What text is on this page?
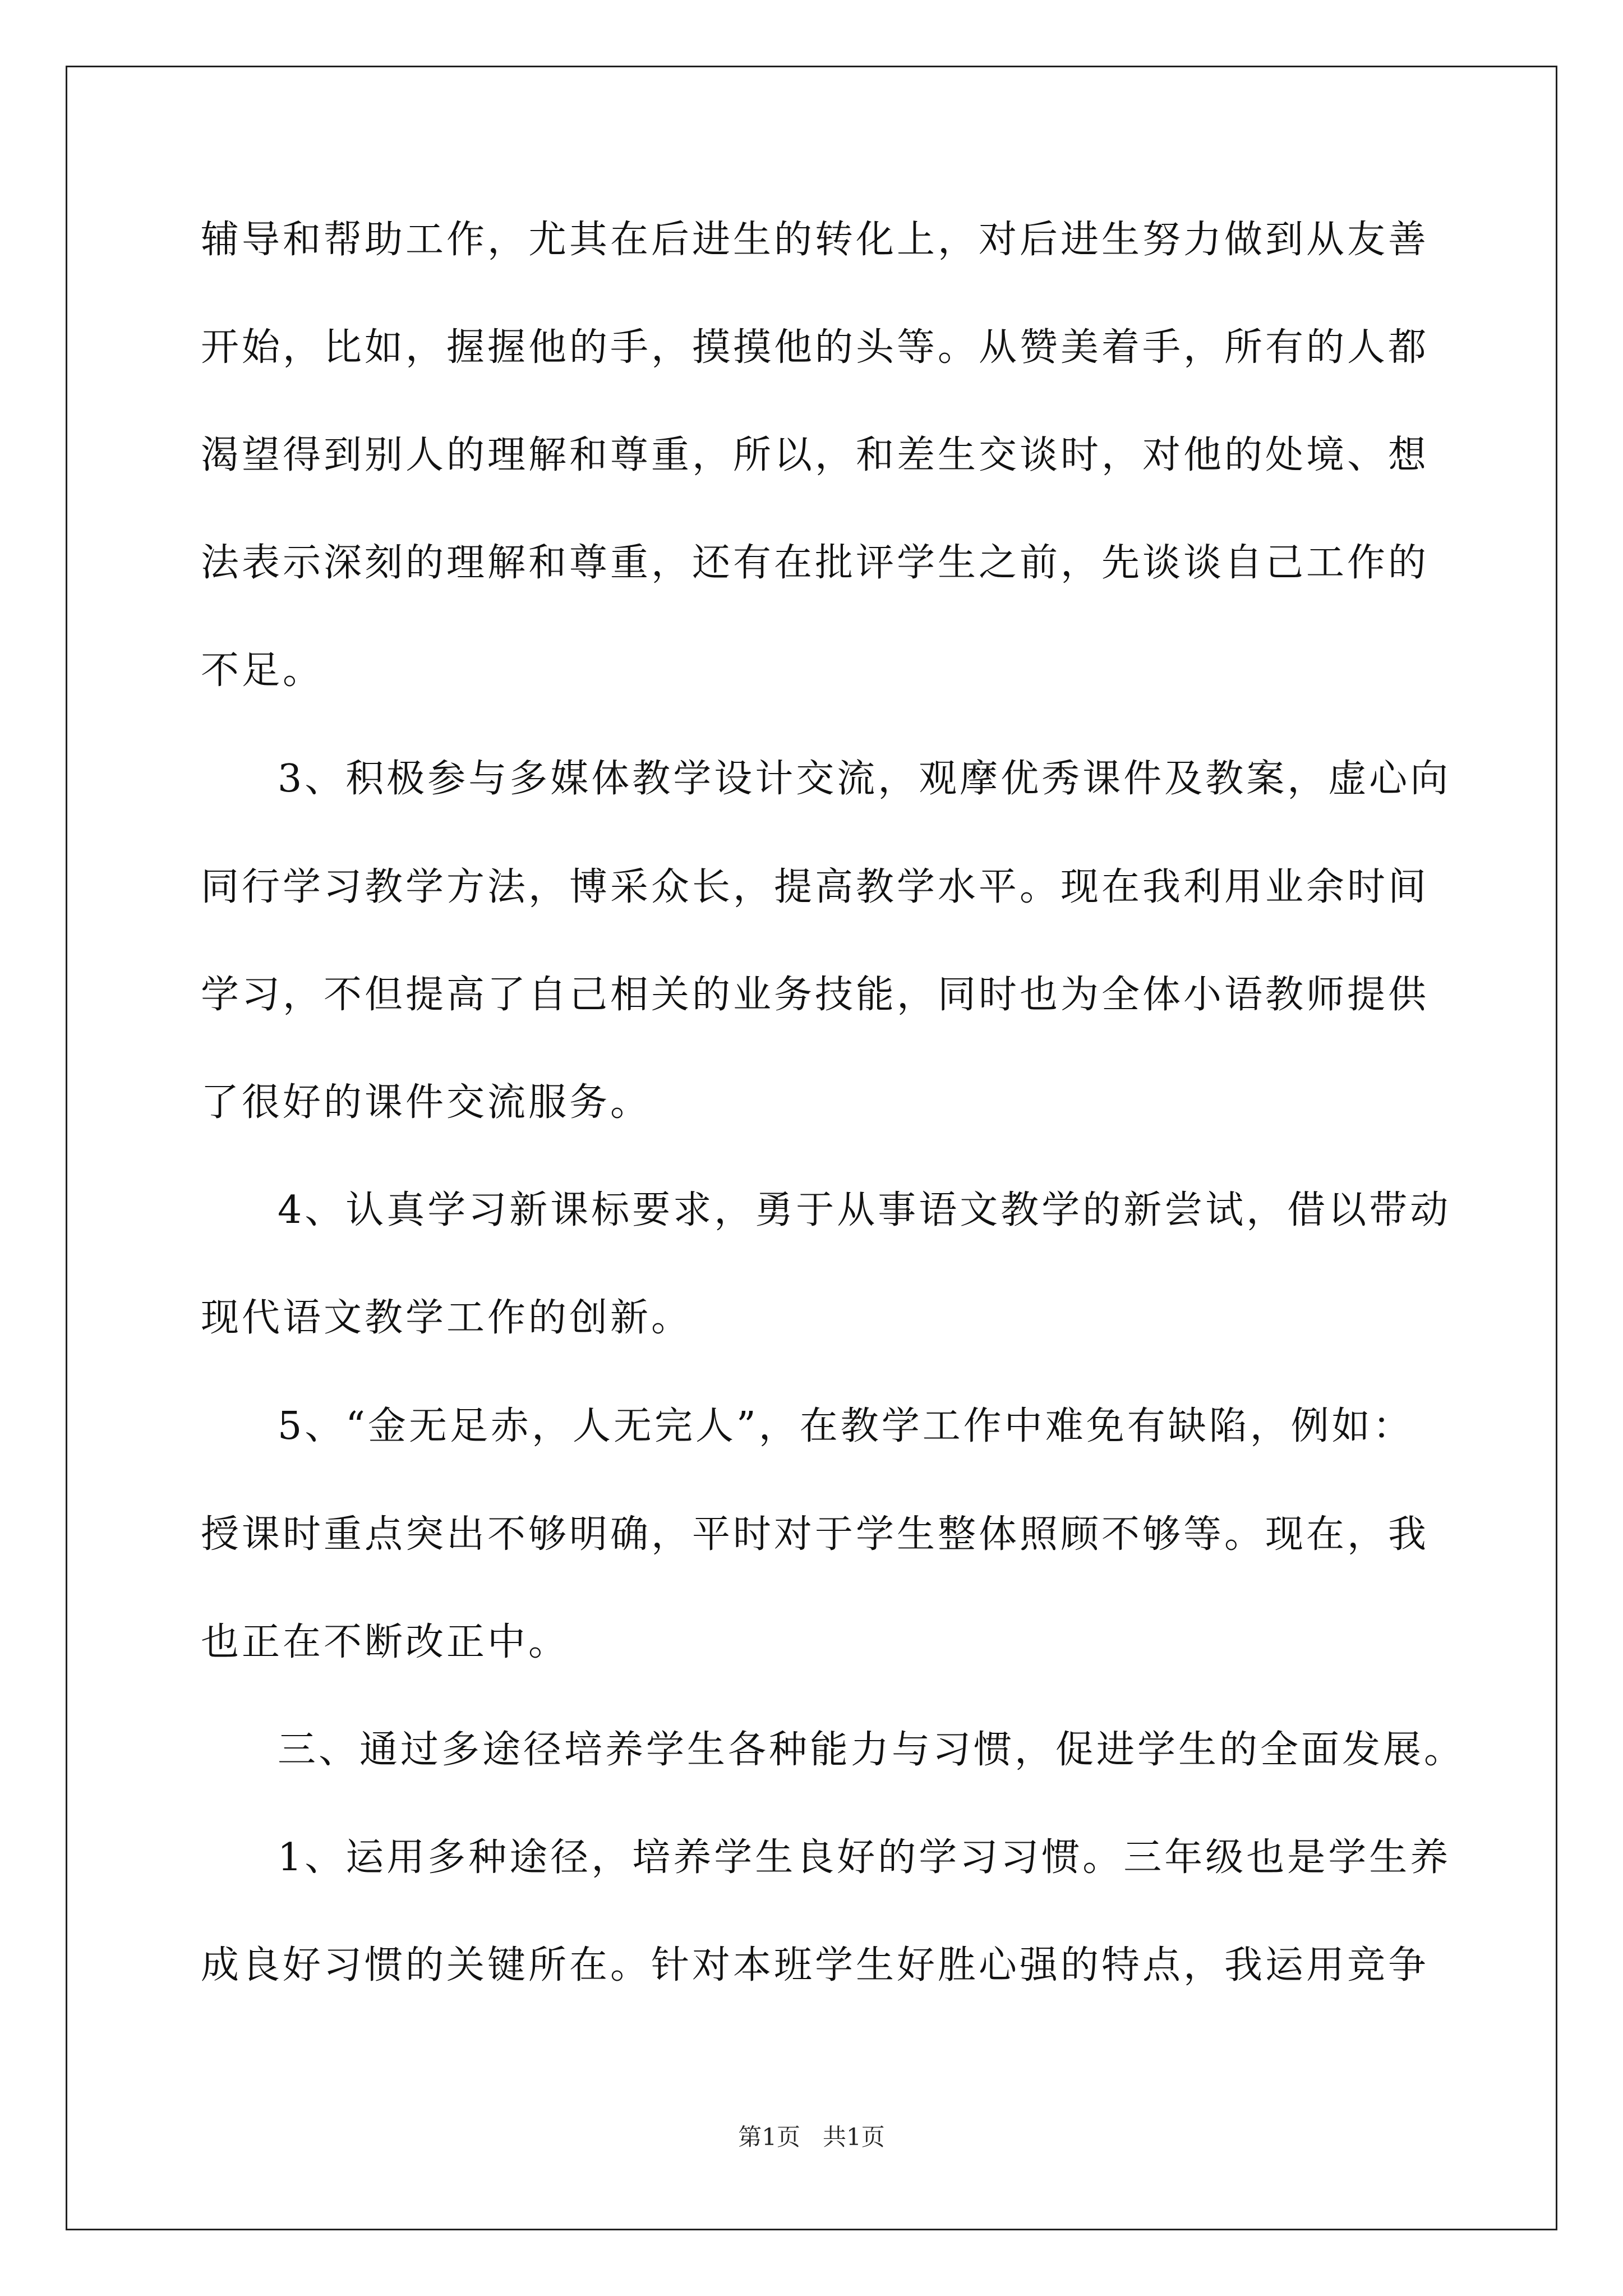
辅导和帮助工作，尤其在后进生的转化上，对后进生努力做到从友善
开始，比如，握握他的手，摸摸他的头等。从赞美着手，所有的人都
渴望得到别人的理解和尊重，所以，和差生交谈时，对他的处境、想
法表示深刻的理解和尊重，还有在批评学生之前，先谈谈自己工作的
不足。
3、积极参与多媒体教学设计交流，观摩优秀课件及教案，虚心向
同行学习教学方法，博采众长，提高教学水平。现在我利用业余时间
学习，不但提高了自己相关的业务技能，同时也为全体小语教师提供
了很好的课件交流服务。
4、认真学习新课标要求，勇于从事语文教学的新尝试，借以带动
现代语文教学工作的创新。
5、“金无足赤，人无完人”，在教学工作中难免有缺陷，例如：
授课时重点突出不够明确，平时对于学生整体照顾不够等。现在，我
也正在不断改正中。
三、通过多途径培养学生各种能力与习惯，促进学生的全面发展。
1、运用多种途径，培养学生良好的学习习惯。三年级也是学生养
成良好习惯的关键所在。针对本班学生好胜心强的特点，我运用竞争
第1页 共1页
